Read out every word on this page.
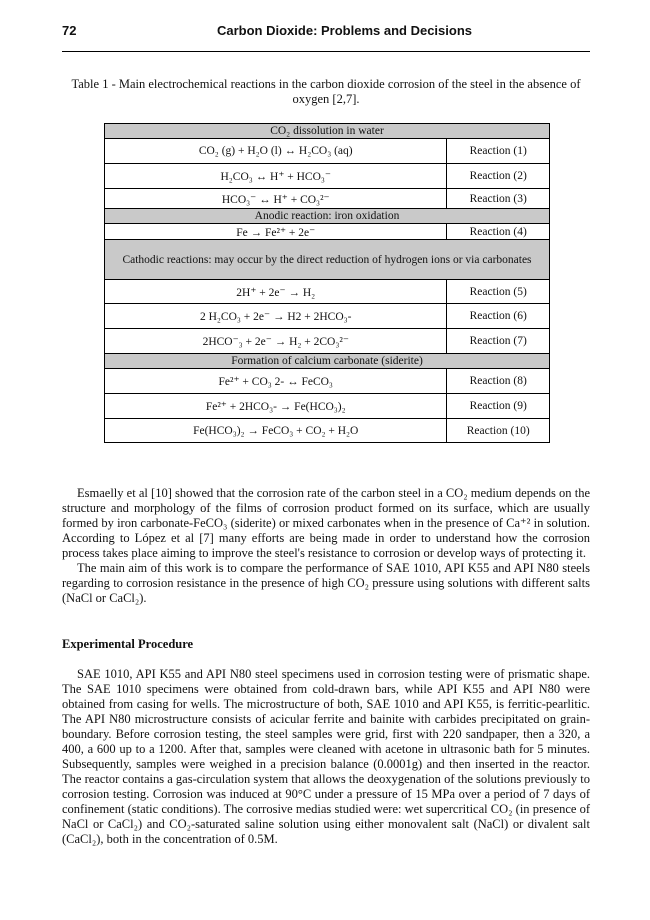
72	Carbon Dioxide: Problems and Decisions
Table 1 - Main electrochemical reactions in the carbon dioxide corrosion of the steel in the absence of oxygen [2,7].
CO₂ dissolution in water	
CO₂ (g) + H₂O (l) ↔ H₂CO₃ (aq)	Reaction (1)
H₂CO₃ ↔ H⁺ + HCO₃⁻	Reaction (2)
HCO₃⁻ ↔ H⁺ + CO₃²⁻	Reaction (3)
Anodic reaction: iron oxidation	
Fe → Fe²⁺ + 2e⁻	Reaction (4)
Cathodic reactions: may occur by the direct reduction of hydrogen ions or via carbonates	
2H⁺ + 2e⁻ → H₂	Reaction (5)
2 H₂CO₃ + 2e⁻ → H2 + 2HCO₃-	Reaction (6)
2HCO⁻₃ + 2e⁻ → H₂ + 2CO₃²⁻	Reaction (7)
Formation of calcium carbonate (siderite)	
Fe²⁺ + CO₃ 2- ↔ FeCO₃	Reaction (8)
Fe²⁺ + 2HCO₃- → Fe(HCO₃)₂	Reaction (9)
Fe(HCO₃)₂ → FeCO₃ + CO₂ + H₂O	Reaction (10)

Esmaelly et al [10] showed that the corrosion rate of the carbon steel in a CO₂ medium depends on the structure and morphology of the films of corrosion product formed on its surface, which are usually formed by iron carbonate-FeCO₃ (siderite) or mixed carbonates when in the presence of Ca⁺² in solution. According to López et al [7] many efforts are being made in order to understand how the corrosion process takes place aiming to improve the steel's resistance to corrosion or develop ways of protecting it.

The main aim of this work is to compare the performance of SAE 1010, API K55 and API N80 steels regarding to corrosion resistance in the presence of high CO₂ pressure using solutions with different salts (NaCl or CaCl₂).

Experimental Procedure

SAE 1010, API K55 and API N80 steel specimens used in corrosion testing were of prismatic shape. The SAE 1010 specimens were obtained from cold-drawn bars, while API K55 and API N80 were obtained from casing for wells. The microstructure of both, SAE 1010 and API K55, is ferritic-pearlitic. The API N80 microstructure consists of acicular ferrite and bainite with carbides precipitated on grain-boundary. Before corrosion testing, the steel samples were grid, first with 220 sandpaper, then a 320, a 400, a 600 up to a 1200. After that, samples were cleaned with acetone in ultrasonic bath for 5 minutes. Subsequently, samples were weighed in a precision balance (0.0001g) and then inserted in the reactor. The reactor contains a gas-circulation system that allows the deoxygenation of the solutions previously to corrosion testing. Corrosion was induced at 90°C under a pressure of 15 MPa over a period of 7 days of confinement (static conditions). The corrosive medias studied were: wet supercritical CO₂ (in presence of NaCl or CaCl₂) and CO₂-saturated saline solution using either monovalent salt (NaCl) or divalent salt (CaCl₂), both in the concentration of 0.5M.
